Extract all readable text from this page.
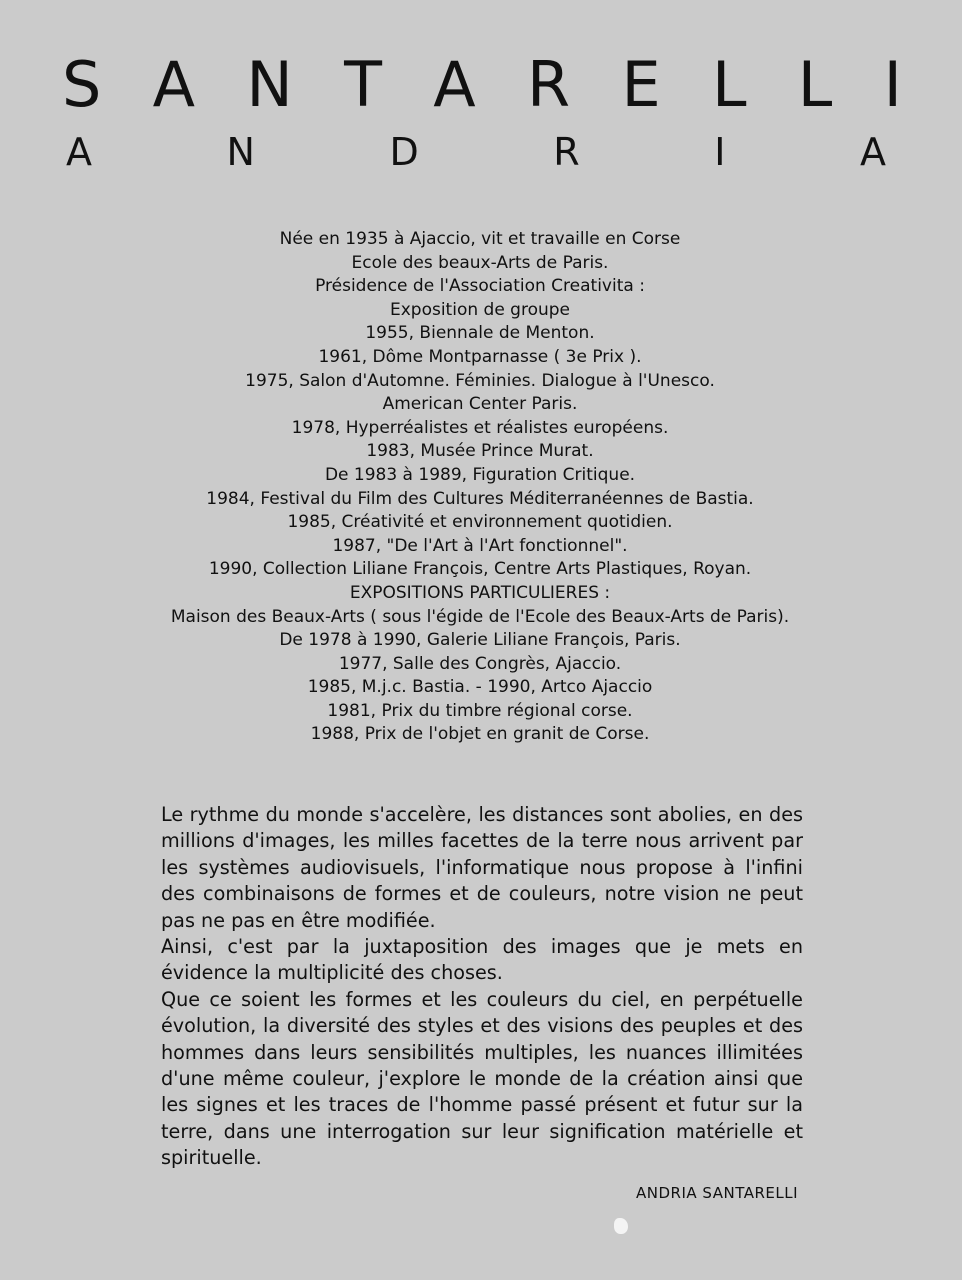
S A N T A R E L L I
A	N	D	R	I	A
Née en 1935 à Ajaccio, vit et travaille en Corse
Ecole des beaux-Arts de Paris.
Présidence de l'Association Creativita :
Exposition de groupe
1955, Biennale de Menton.
1961, Dôme Montparnasse ( 3e Prix ).
1975, Salon d'Automne. Féminies. Dialogue à l'Unesco.
American Center Paris.
1978, Hyperréalistes et réalistes européens.
1983, Musée Prince Murat.
De 1983 à 1989, Figuration Critique.
1984, Festival du Film des Cultures Méditerranéennes de Bastia.
1985, Créativité et environnement quotidien.
1987, "De l'Art à l'Art fonctionnel".
1990, Collection Liliane François, Centre Arts Plastiques, Royan.
EXPOSITIONS PARTICULIERES :
Maison des Beaux-Arts ( sous l'égide de l'Ecole des Beaux-Arts de Paris).
De 1978 à 1990, Galerie Liliane François, Paris.
1977, Salle des Congrès, Ajaccio.
1985, M.j.c. Bastia. - 1990, Artco Ajaccio
1981, Prix du timbre régional corse.
1988, Prix de l'objet en granit de Corse.

Le rythme du monde s'accelère, les distances sont abolies, en des millions d'images, les milles facettes de la terre nous arrivent par les systèmes audiovisuels, l'informatique nous propose à l'infini des combinaisons de formes et de couleurs, notre vision ne peut pas ne pas en être modifiée.

Ainsi, c'est par la juxtaposition des images que je mets en évidence la multiplicité des choses.

Que ce soient les formes et les couleurs du ciel, en perpétuelle évolution, la diversité des styles et des visions des peuples et des hommes dans leurs sensibilités multiples, les nuances illimitées d'une même couleur, j'explore le monde de la création ainsi que les signes et les traces de l'homme passé présent et futur sur la terre, dans une interrogation sur leur signification matérielle et spirituelle.

ANDRIA SANTARELLI
